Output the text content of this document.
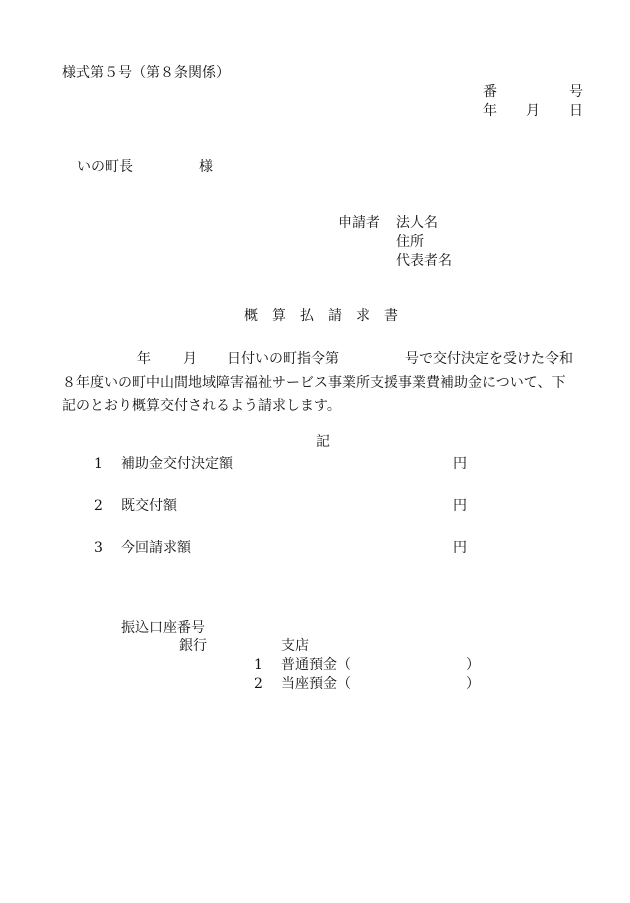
様式第５号（第８条関係）
番	号
年 月 日
いの町長	様
申請者 法人名
住所
代表者名
概　算　払　請　求　書
年 月 日付いの町指令第	号で交付決定を受けた令和
８年度いの町中山間地域障害福祉サービス事業所支援事業費補助金について、下
記のとおり概算交付されるよう請求します。
記
1 補助金交付決定額	円
2 既交付額	円
3 今回請求額	円
振込口座番号
銀行	支店
1 普通預金（	）
2 当座預金（	）
